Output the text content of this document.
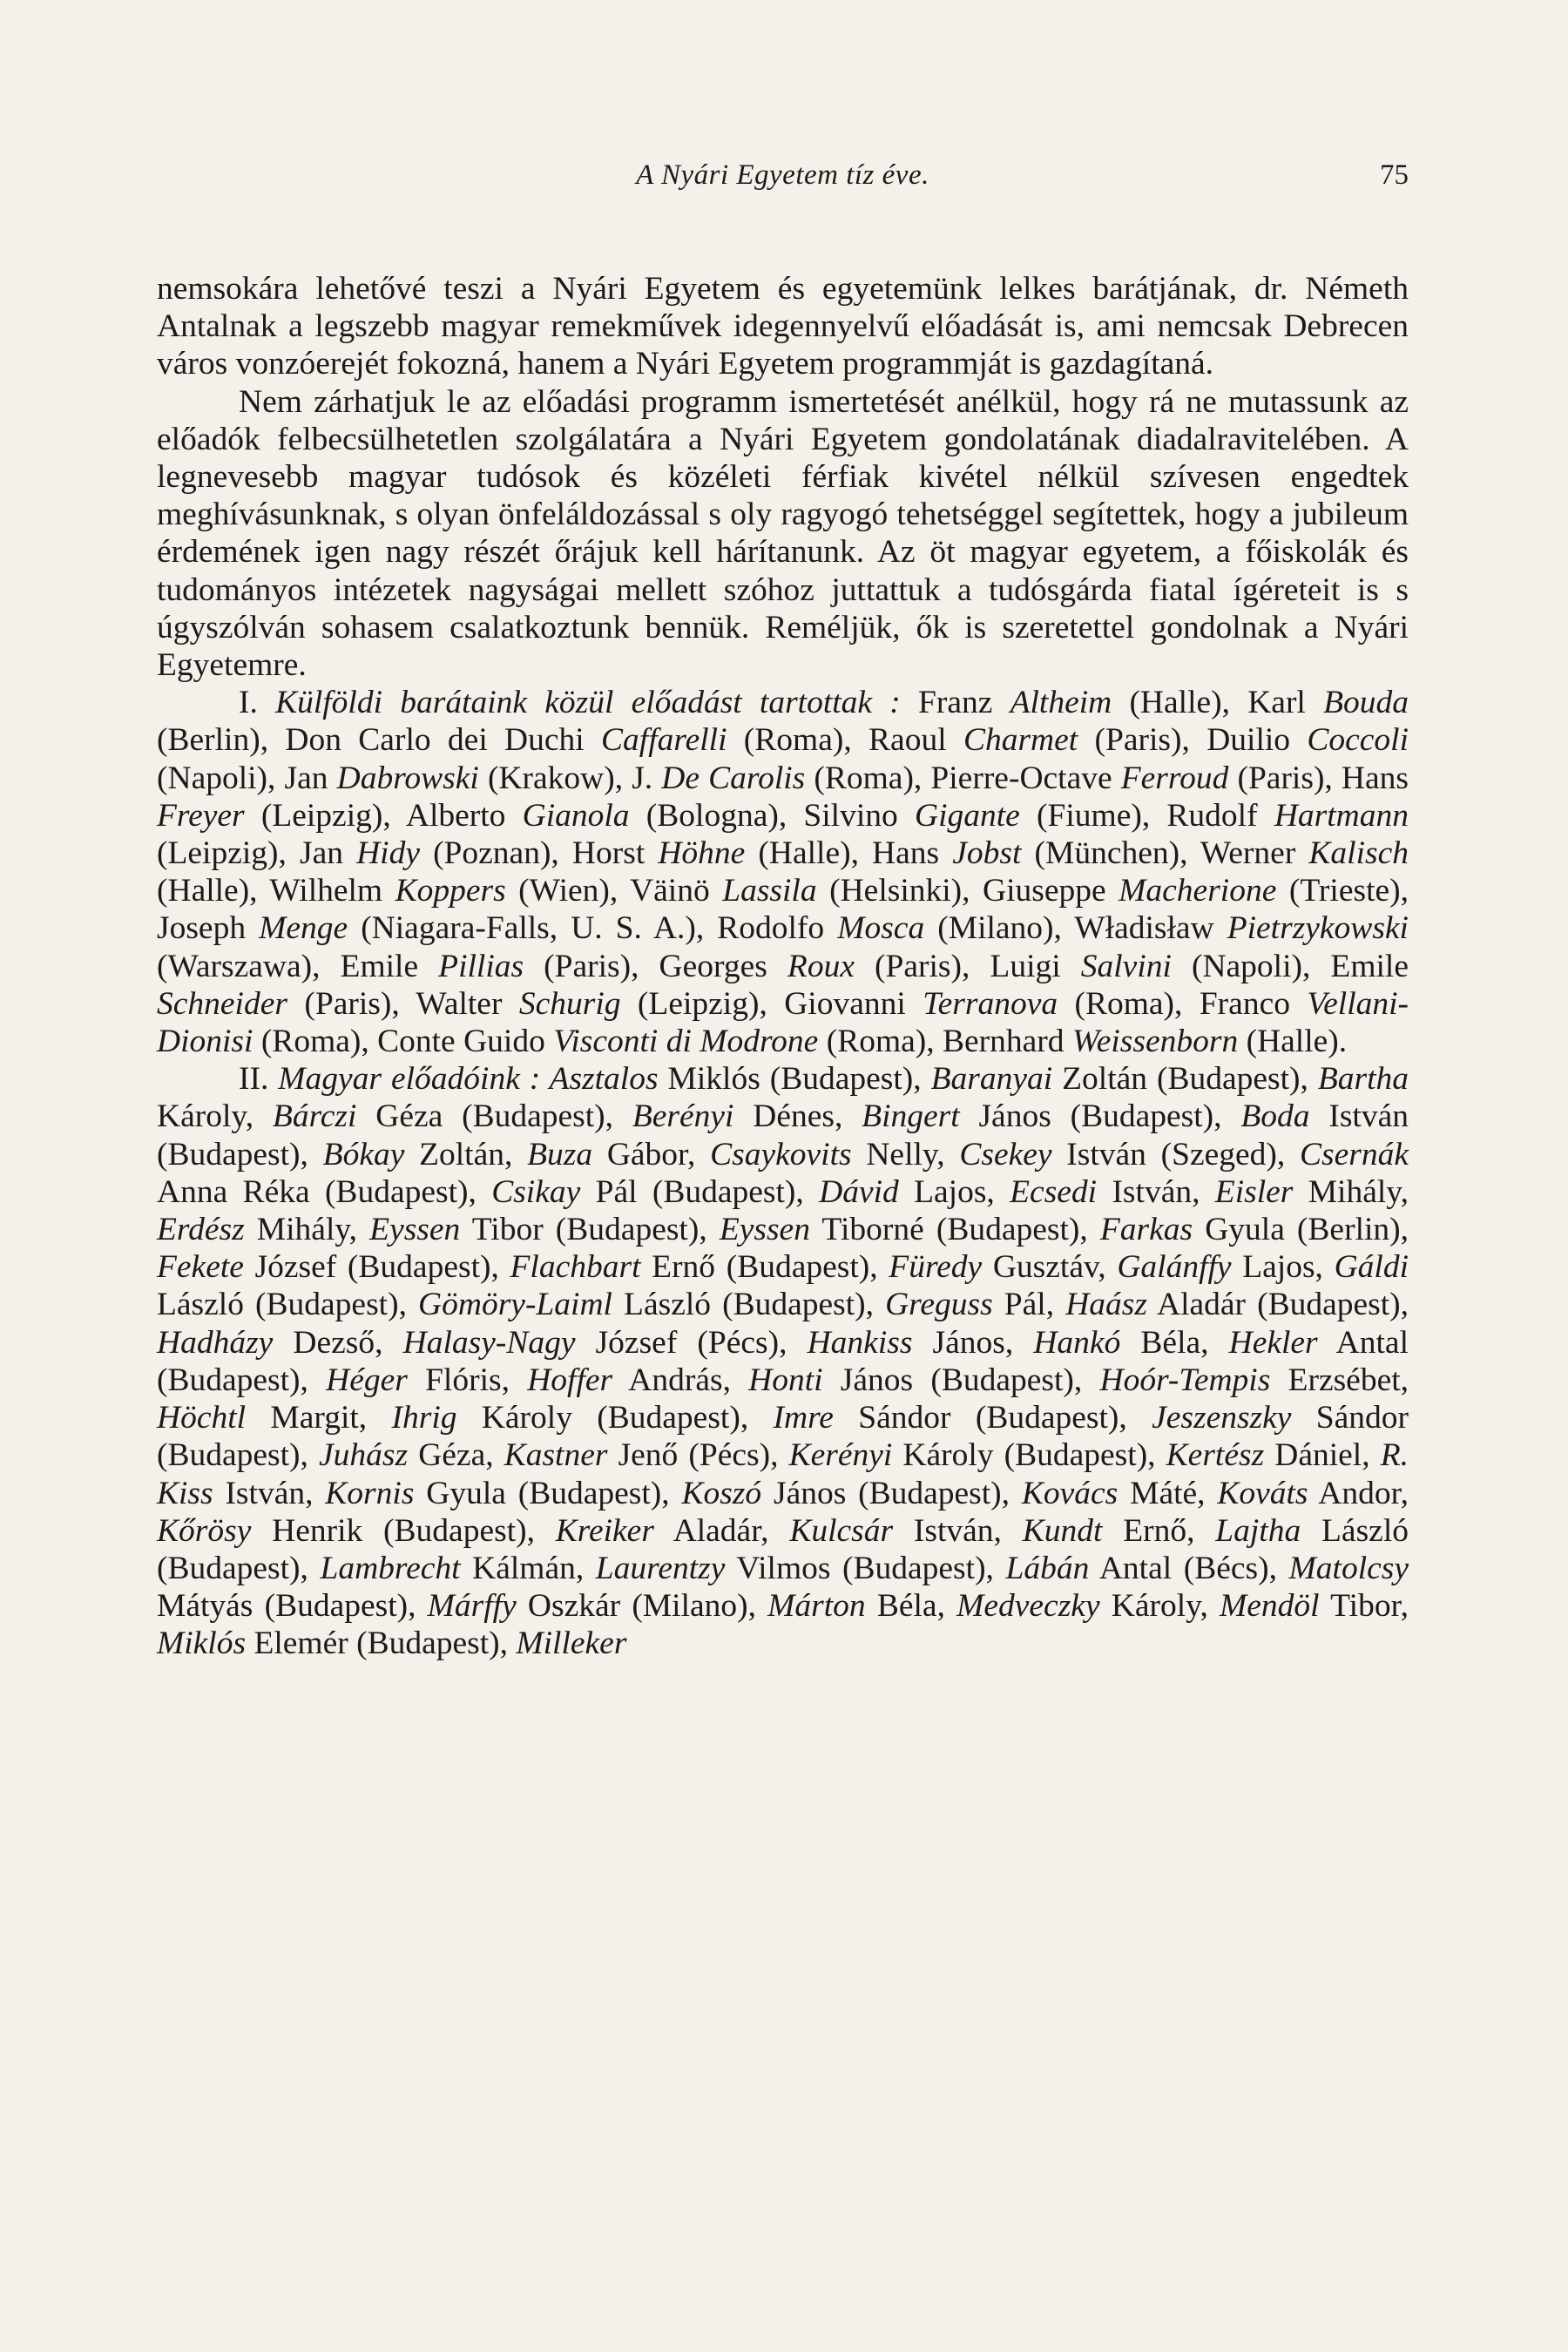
A Nyári Egyetem tíz éve.	75

nemsokára lehetővé teszi a Nyári Egyetem és egyetemünk lelkes barátjának, dr. Németh Antalnak a legszebb magyar remekművek idegennyelvű előadását is, ami nemcsak Debrecen város vonzóerejét fokozná, hanem a Nyári Egyetem programmját is gazdagítaná.

Nem zárhatjuk le az előadási programm ismertetését anélkül, hogy rá ne mutassunk az előadók felbecsülhetetlen szolgálatára a Nyári Egyetem gondolatának diadalravitelében. A legnevesebb magyar tudósok és közéleti férfiak kivétel nélkül szívesen engedtek meghívásunknak, s olyan önfeláldozással s oly ragyogó tehetséggel segítettek, hogy a jubileum érdemének igen nagy részét őrájuk kell hárítanunk. Az öt magyar egyetem, a főiskolák és tudományos intézetek nagyságai mellett szóhoz juttattuk a tudósgárda fiatal ígéreteit is s úgyszólván sohasem csalatkoztunk bennük. Reméljük, ők is szeretettel gondolnak a Nyári Egyetemre.

I. Külföldi barátaink közül előadást tartottak : Franz Altheim (Halle), Karl Bouda (Berlin), Don Carlo dei Duchi Caffarelli (Roma), Raoul Charmet (Paris), Duilio Coccoli (Napoli), Jan Dabrowski (Krakow), J. De Carolis (Roma), Pierre-Octave Ferroud (Paris), Hans Freyer (Leipzig), Alberto Gianola (Bologna), Silvino Gigante (Fiume), Rudolf Hartmann (Leipzig), Jan Hidy (Poznan), Horst Höhne (Halle), Hans Jobst (München), Werner Kalisch (Halle), Wilhelm Koppers (Wien), Väinö Lassila (Helsinki), Giuseppe Macherione (Trieste), Joseph Menge (Niagara-Falls, U. S. A.), Rodolfo Mosca (Milano), Władisław Pietrzykowski (Warszawa), Emile Pillias (Paris), Georges Roux (Paris), Luigi Salvini (Napoli), Emile Schneider (Paris), Walter Schurig (Leipzig), Giovanni Terranova (Roma), Franco Vellani-Dionisi (Roma), Conte Guido Visconti di Modrone (Roma), Bernhard Weissenborn (Halle).

II. Magyar előadóink : Asztalos Miklós (Budapest), Baranyai Zoltán (Budapest), Bartha Károly, Bárczi Géza (Budapest), Berényi Dénes, Bingert János (Budapest), Boda István (Budapest), Bókay Zoltán, Buza Gábor, Csaykovits Nelly, Csekey István (Szeged), Csernák Anna Réka (Budapest), Csikay Pál (Budapest), Dávid Lajos, Ecsedi István, Eisler Mihály, Erdész Mihály, Eyssen Tibor (Budapest), Eyssen Tiborné (Budapest), Farkas Gyula (Berlin), Fekete József (Budapest), Flachbart Ernő (Budapest), Füredy Gusztáv, Galánffy Lajos, Gáldi László (Budapest), Gömöry-Laiml László (Budapest), Greguss Pál, Haász Aladár (Budapest), Hadházy Dezső, Halasy-Nagy József (Pécs), Hankiss János, Hankó Béla, Hekler Antal (Budapest), Héger Flóris, Hoffer András, Honti János (Budapest), Hoór-Tempis Erzsébet, Höchtl Margit, Ihrig Károly (Budapest), Imre Sándor (Budapest), Jeszenszky Sándor (Budapest), Juhász Géza, Kastner Jenő (Pécs), Kerényi Károly (Budapest), Kertész Dániel, R. Kiss István, Kornis Gyula (Budapest), Koszó János (Budapest), Kovács Máté, Kováts Andor, Kőrösy Henrik (Budapest), Kreiker Aladár, Kulcsár István, Kundt Ernő, Lajtha László (Budapest), Lambrecht Kálmán, Laurentzy Vilmos (Budapest), Lábán Antal (Bécs), Matolcsy Mátyás (Budapest), Márffy Oszkár (Milano), Márton Béla, Medveczky Károly, Mendöl Tibor, Miklós Elemér (Budapest), Milleker
